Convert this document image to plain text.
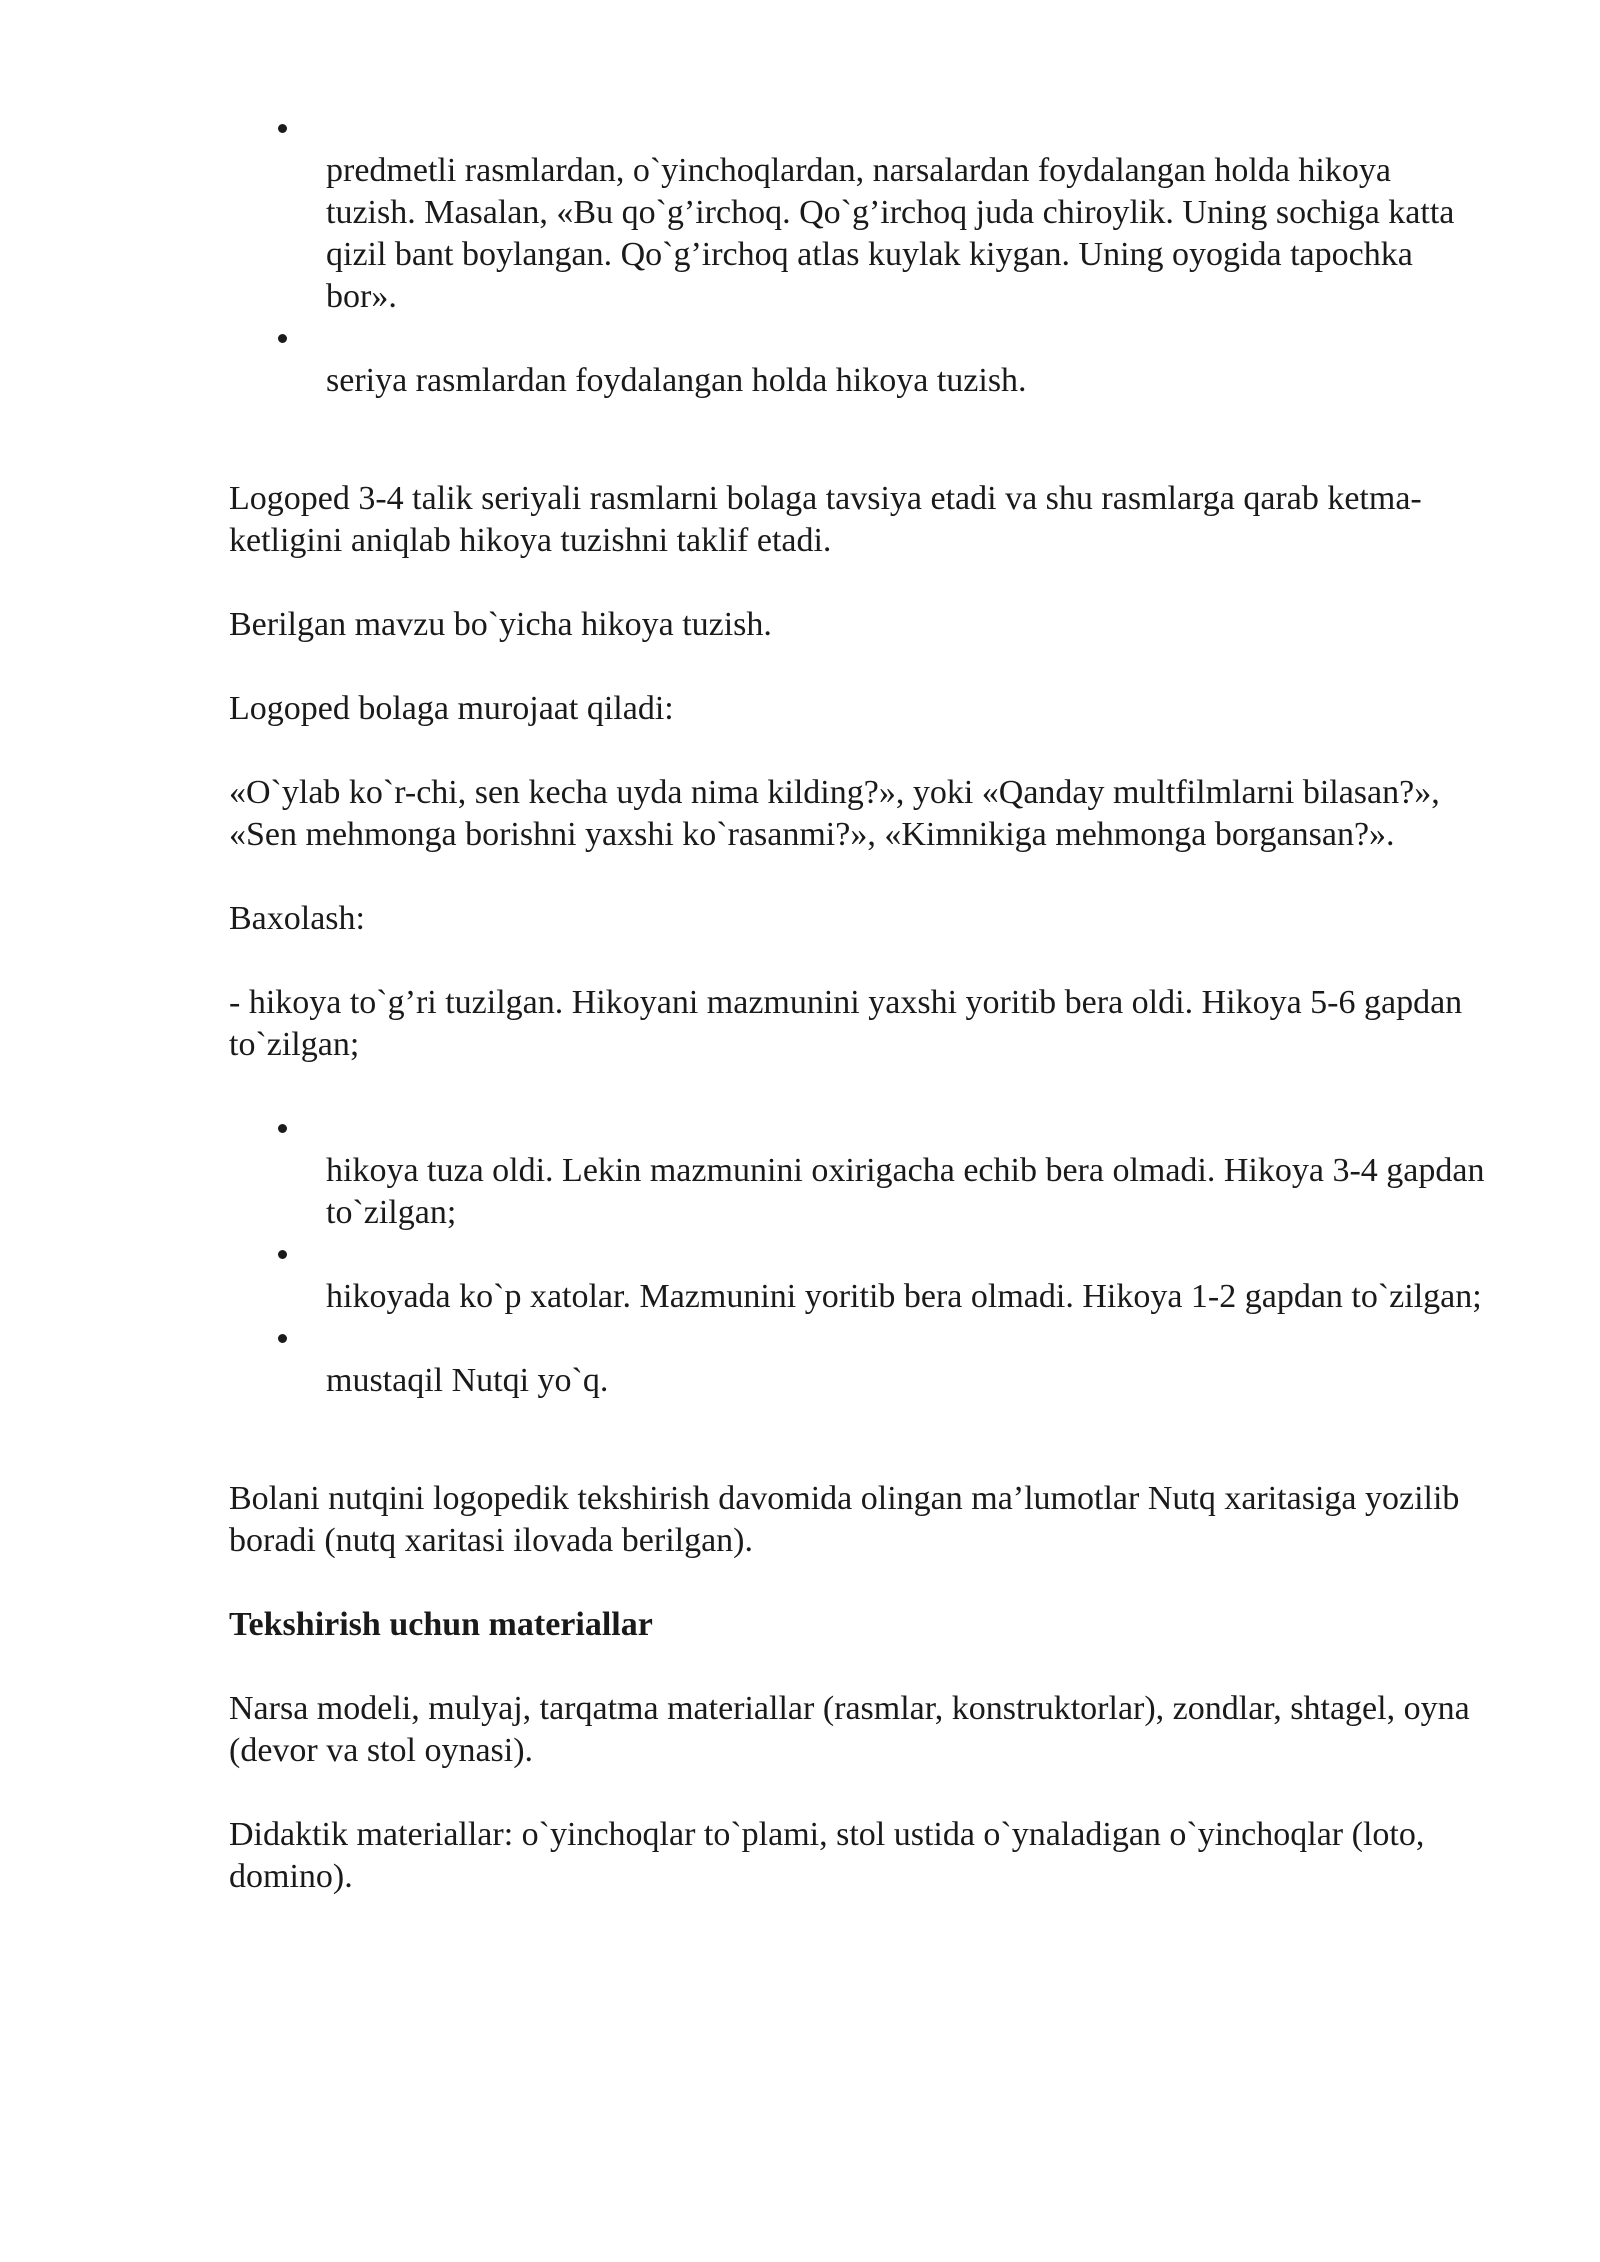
predmetli rasmlardan, o`yinchoqlardan, narsalardan foydalangan holda hikoya tuzish. Masalan, «Bu qo`g’irchoq. Qo`g’irchoq juda chiroylik. Uning sochiga katta qizil bant boylangan. Qo`g’irchoq atlas kuylak kiygan. Uning oyogida tapochka bor».
seriya rasmlardan foydalangan holda hikoya tuzish.

Logoped 3-4 talik seriyali rasmlarni bolaga tavsiya etadi va shu rasmlarga qarab ketma-ketligini aniqlab hikoya tuzishni taklif etadi.

Berilgan mavzu bo`yicha hikoya tuzish.

Logoped bolaga murojaat qiladi:

«O`ylab ko`r-chi, sen kecha uyda nima kilding?», yoki «Qanday multfilmlarni bilasan?», «Sen mehmonga borishni yaxshi ko`rasanmi?», «Kimnikiga mehmonga borgansan?».

Baxolash:

- hikoya to`g’ri tuzilgan. Hikoyani mazmunini yaxshi yoritib bera oldi. Hikoya 5-6 gapdan to`zilgan;

hikoya tuza oldi. Lekin mazmunini oxirigacha echib bera olmadi. Hikoya 3-4 gapdan to`zilgan;
hikoyada ko`p xatolar. Mazmunini yoritib bera olmadi. Hikoya 1-2 gapdan to`zilgan;
mustaqil Nutqi yo`q.

Bolani nutqini logopedik tekshirish davomida olingan ma’lumotlar Nutq xaritasiga yozilib boradi (nutq xaritasi ilovada berilgan).

Tekshirish uchun materiallar

Narsa modeli, mulyaj, tarqatma materiallar (rasmlar, konstruktorlar), zondlar, shtagel, oyna (devor va stol oynasi).

Didaktik materiallar: o`yinchoqlar to`plami, stol ustida o`ynaladigan o`yinchoqlar (loto, domino).
